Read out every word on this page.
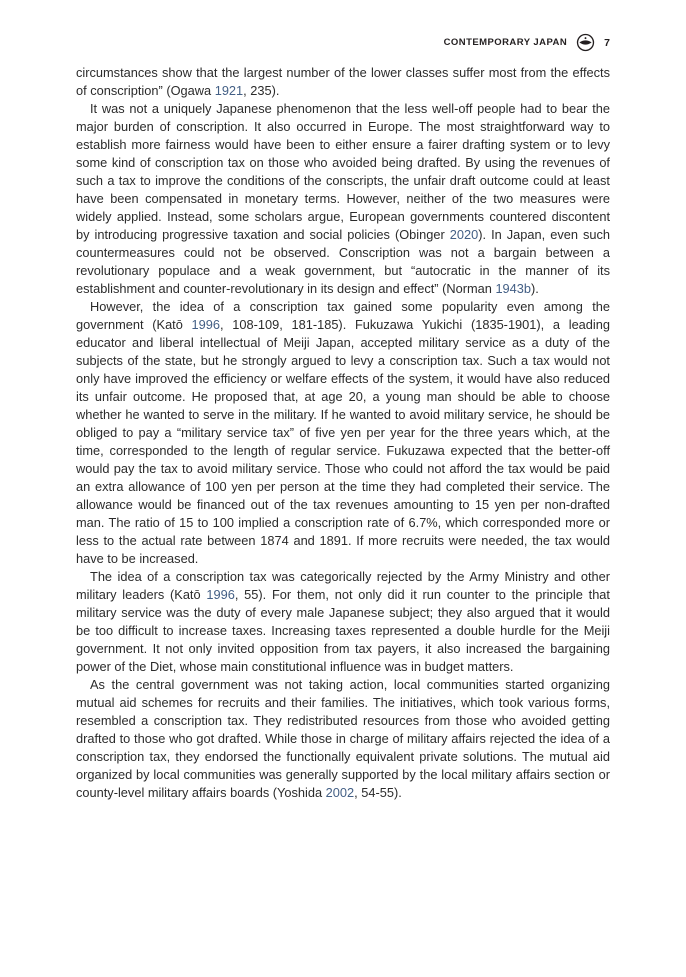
CONTEMPORARY JAPAN	7

circumstances show that the largest number of the lower classes suffer most from the effects of conscription” (Ogawa 1921, 235).

It was not a uniquely Japanese phenomenon that the less well-off people had to bear the major burden of conscription. It also occurred in Europe. The most straightforward way to establish more fairness would have been to either ensure a fairer drafting system or to levy some kind of conscription tax on those who avoided being drafted. By using the revenues of such a tax to improve the conditions of the conscripts, the unfair draft outcome could at least have been compensated in monetary terms. However, neither of the two measures were widely applied. Instead, some scholars argue, European governments countered discontent by introducing progressive taxation and social policies (Obinger 2020). In Japan, even such countermeasures could not be observed. Conscription was not a bargain between a revolutionary populace and a weak government, but “autocratic in the manner of its establishment and counter-revolutionary in its design and effect” (Norman 1943b).

However, the idea of a conscription tax gained some popularity even among the government (Katō 1996, 108-109, 181-185). Fukuzawa Yukichi (1835-1901), a leading educator and liberal intellectual of Meiji Japan, accepted military service as a duty of the subjects of the state, but he strongly argued to levy a conscription tax. Such a tax would not only have improved the efficiency or welfare effects of the system, it would have also reduced its unfair outcome. He proposed that, at age 20, a young man should be able to choose whether he wanted to serve in the military. If he wanted to avoid military service, he should be obliged to pay a “military service tax” of five yen per year for the three years which, at the time, corresponded to the length of regular service. Fukuzawa expected that the better-off would pay the tax to avoid military service. Those who could not afford the tax would be paid an extra allowance of 100 yen per person at the time they had completed their service. The allowance would be financed out of the tax revenues amounting to 15 yen per non-drafted man. The ratio of 15 to 100 implied a conscription rate of 6.7%, which corresponded more or less to the actual rate between 1874 and 1891. If more recruits were needed, the tax would have to be increased.

The idea of a conscription tax was categorically rejected by the Army Ministry and other military leaders (Katō 1996, 55). For them, not only did it run counter to the principle that military service was the duty of every male Japanese subject; they also argued that it would be too difficult to increase taxes. Increasing taxes represented a double hurdle for the Meiji government. It not only invited opposition from tax payers, it also increased the bargaining power of the Diet, whose main constitutional influence was in budget matters.

As the central government was not taking action, local communities started organizing mutual aid schemes for recruits and their families. The initiatives, which took various forms, resembled a conscription tax. They redistributed resources from those who avoided getting drafted to those who got drafted. While those in charge of military affairs rejected the idea of a conscription tax, they endorsed the functionally equivalent private solutions. The mutual aid organized by local communities was generally supported by the local military affairs section or county-level military affairs boards (Yoshida 2002, 54-55).
